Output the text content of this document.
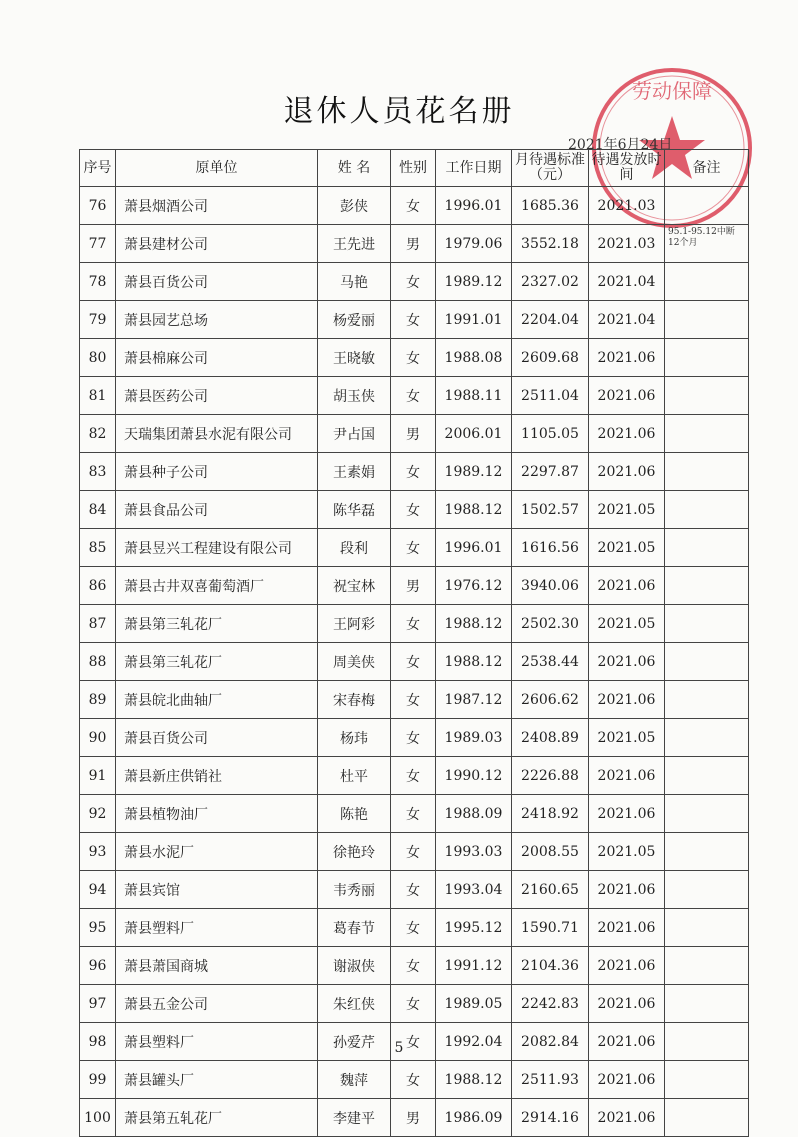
退休人员花名册
劳动保障
2021年6月24日
序号	原单位	姓 名	性别	工作日期	月待遇标准（元）	待遇发放时间	备注
76	萧县烟酒公司	彭侠	女	1996.01	1685.36	2021.03	
77	萧县建材公司	王先进	男	1979.06	3552.18	2021.03	95.1-95.12中断12个月
78	萧县百货公司	马艳	女	1989.12	2327.02	2021.04	
79	萧县园艺总场	杨爱丽	女	1991.01	2204.04	2021.04	
80	萧县棉麻公司	王晓敏	女	1988.08	2609.68	2021.06	
81	萧县医药公司	胡玉侠	女	1988.11	2511.04	2021.06	
82	天瑞集团萧县水泥有限公司	尹占国	男	2006.01	1105.05	2021.06	
83	萧县种子公司	王素娟	女	1989.12	2297.87	2021.06	
84	萧县食品公司	陈华磊	女	1988.12	1502.57	2021.05	
85	萧县昱兴工程建设有限公司	段利	女	1996.01	1616.56	2021.05	
86	萧县古井双喜葡萄酒厂	祝宝林	男	1976.12	3940.06	2021.06	
87	萧县第三轧花厂	王阿彩	女	1988.12	2502.30	2021.05	
88	萧县第三轧花厂	周美侠	女	1988.12	2538.44	2021.06	
89	萧县皖北曲轴厂	宋春梅	女	1987.12	2606.62	2021.06	
90	萧县百货公司	杨玮	女	1989.03	2408.89	2021.05	
91	萧县新庄供销社	杜平	女	1990.12	2226.88	2021.06	
92	萧县植物油厂	陈艳	女	1988.09	2418.92	2021.06	
93	萧县水泥厂	徐艳玲	女	1993.03	2008.55	2021.05	
94	萧县宾馆	韦秀丽	女	1993.04	2160.65	2021.06	
95	萧县塑料厂	葛春节	女	1995.12	1590.71	2021.06	
96	萧县萧国商城	谢淑侠	女	1991.12	2104.36	2021.06	
97	萧县五金公司	朱红侠	女	1989.05	2242.83	2021.06	
98	萧县塑料厂	孙爱芹	女	1992.04	2082.84	2021.06	
99	萧县罐头厂	魏萍	女	1988.12	2511.93	2021.06	
100	萧县第五轧花厂	李建平	男	1986.09	2914.16	2021.06	
5
